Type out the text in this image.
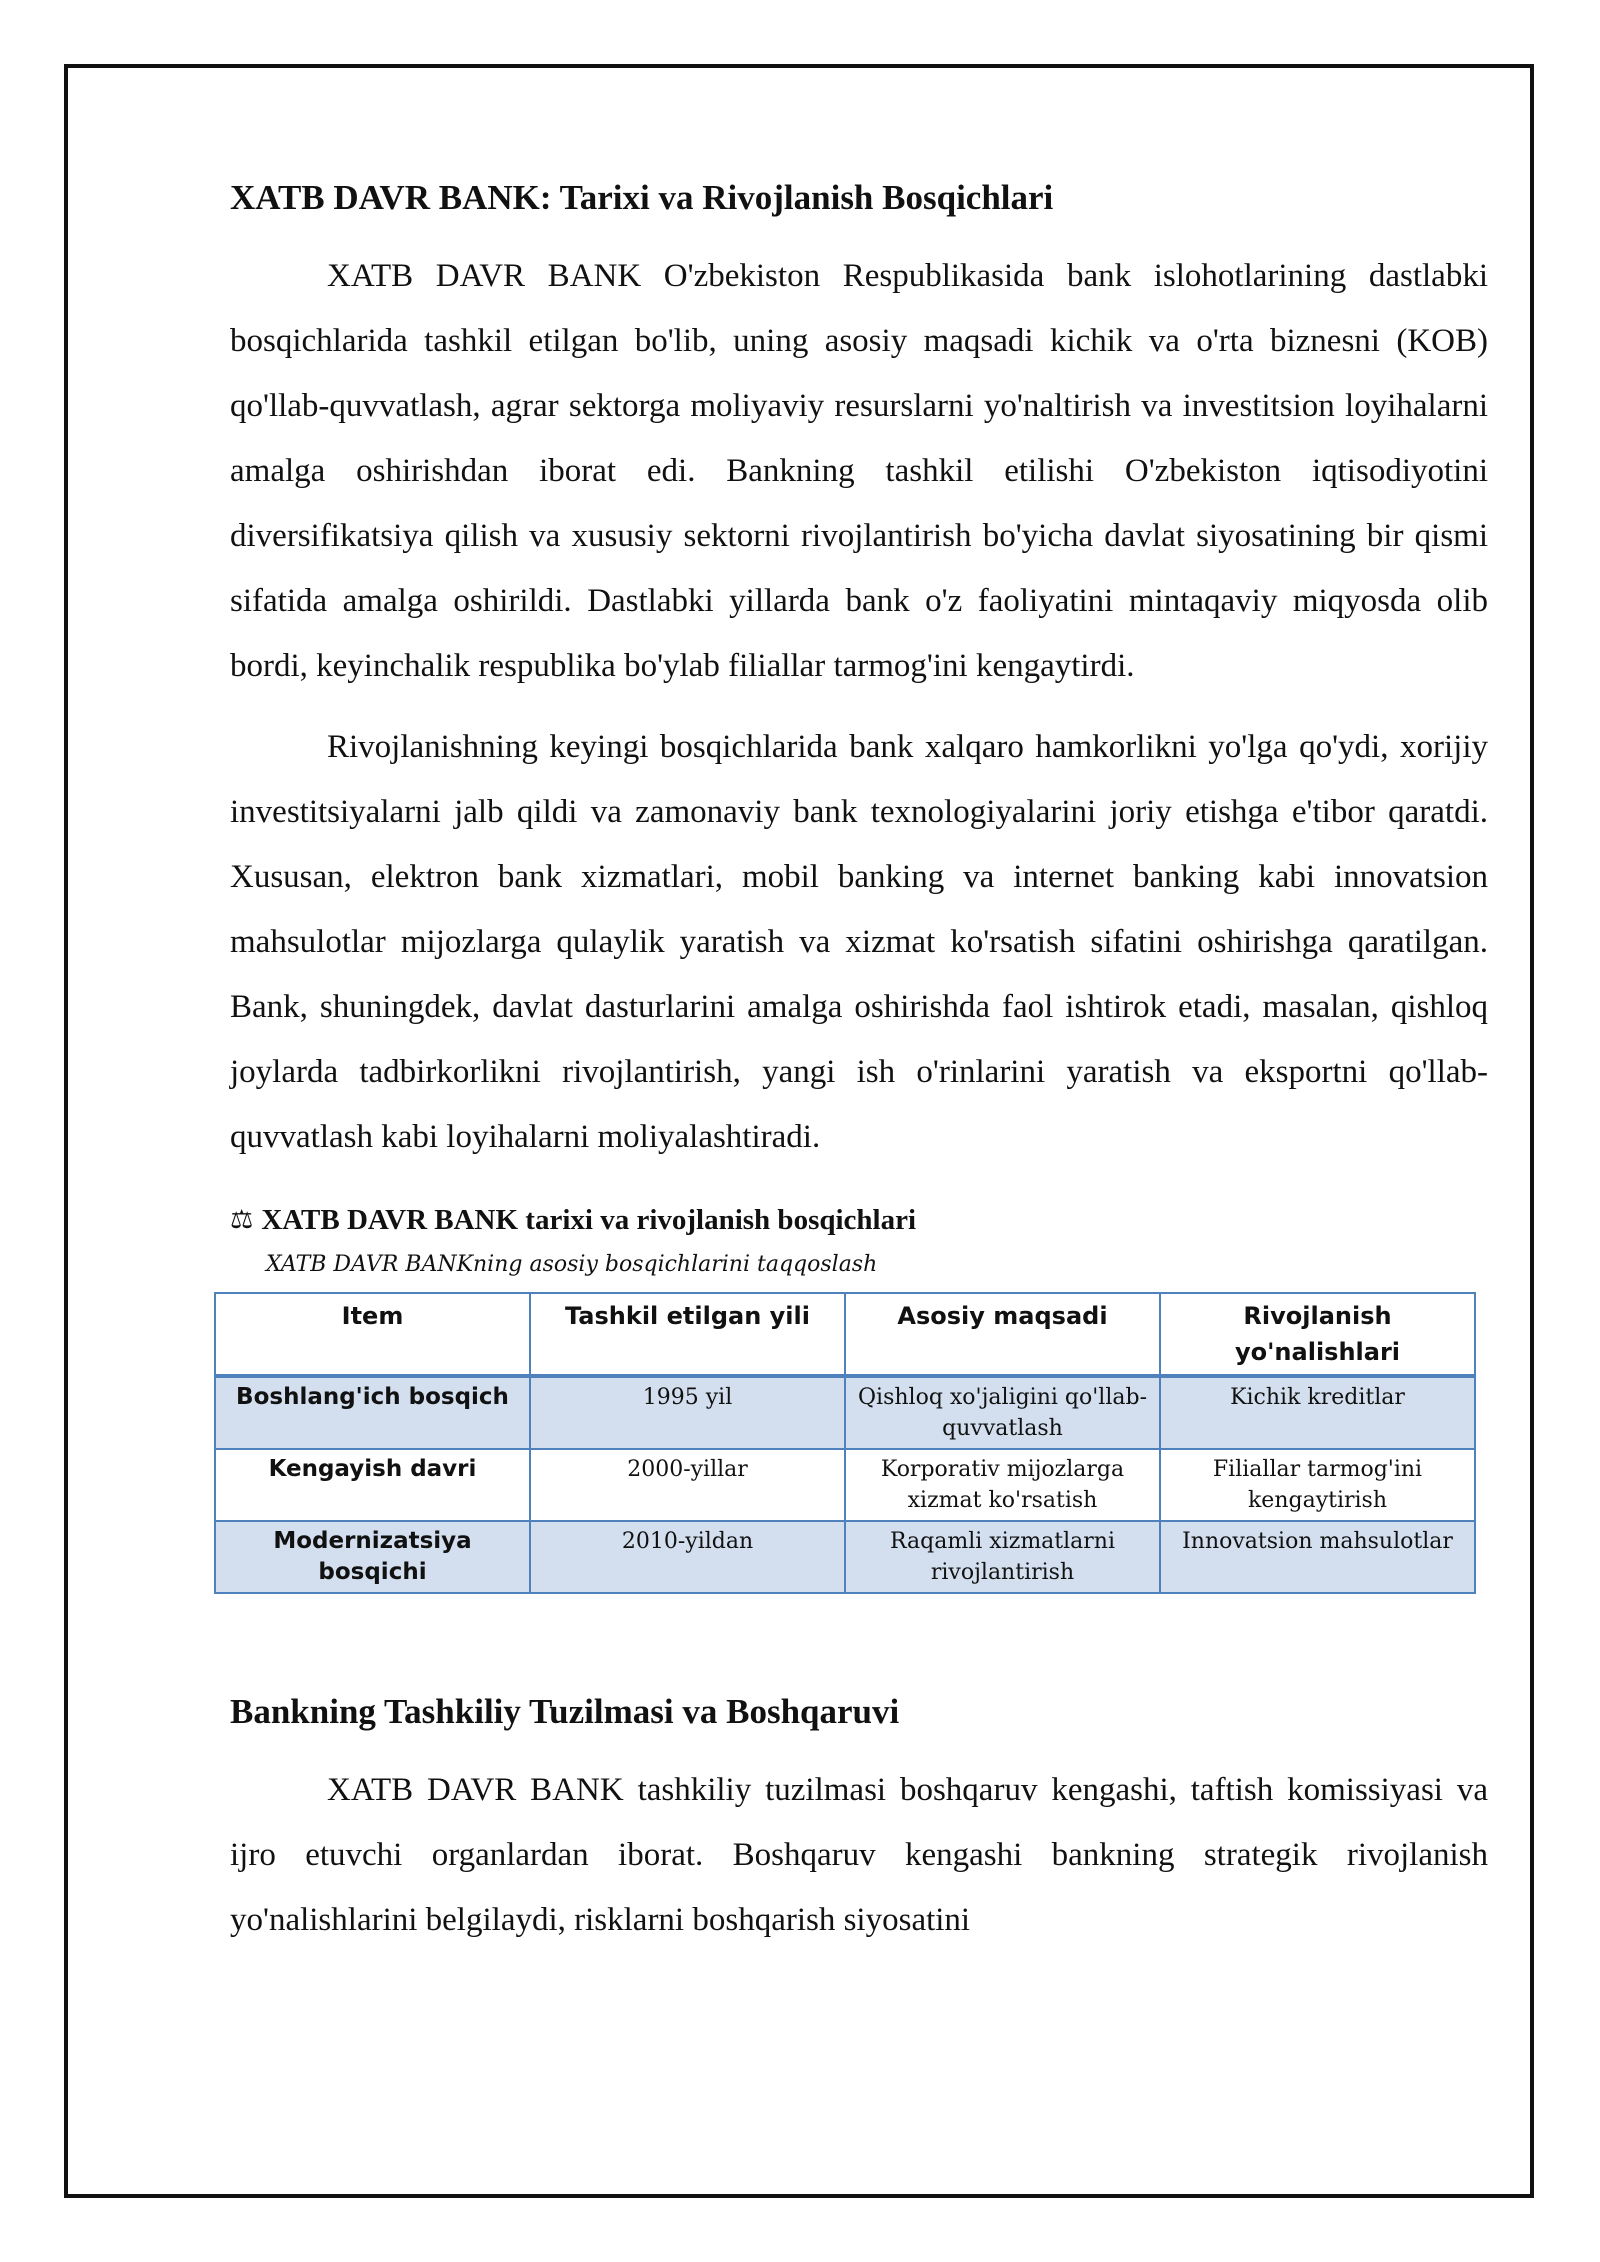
XATB DAVR BANK: Tarixi va Rivojlanish Bosqichlari

XATB DAVR BANK O'zbekiston Respublikasida bank islohotlarining dastlabki bosqichlarida tashkil etilgan bo'lib, uning asosiy maqsadi kichik va o'rta biznesni (KOB) qo'llab-quvvatlash, agrar sektorga moliyaviy resurslarni yo'naltirish va investitsion loyihalarni amalga oshirishdan iborat edi. Bankning tashkil etilishi O'zbekiston iqtisodiyotini diversifikatsiya qilish va xususiy sektorni rivojlantirish bo'yicha davlat siyosatining bir qismi sifatida amalga oshirildi. Dastlabki yillarda bank o'z faoliyatini mintaqaviy miqyosda olib bordi, keyinchalik respublika bo'ylab filiallar tarmog'ini kengaytirdi.

Rivojlanishning keyingi bosqichlarida bank xalqaro hamkorlikni yo'lga qo'ydi, xorijiy investitsiyalarni jalb qildi va zamonaviy bank texnologiyalarini joriy etishga e'tibor qaratdi. Xususan, elektron bank xizmatlari, mobil banking va internet banking kabi innovatsion mahsulotlar mijozlarga qulaylik yaratish va xizmat ko'rsatish sifatini oshirishga qaratilgan. Bank, shuningdek, davlat dasturlarini amalga oshirishda faol ishtirok etadi, masalan, qishloq joylarda tadbirkorlikni rivojlantirish, yangi ish o'rinlarini yaratish va eksportni qo'llab-quvvatlash kabi loyihalarni moliyalashtiradi.

⚖ XATB DAVR BANK tarixi va rivojlanish bosqichlari
XATB DAVR BANKning asosiy bosqichlarini taqqoslash
Item	Tashkil etilgan yili	Asosiy maqsadi	Rivojlanish yo'nalishlari
Boshlang'ich bosqich	1995 yil	Qishloq xo'jaligini qo'llab-quvvatlash	Kichik kreditlar
Kengayish davri	2000-yillar	Korporativ mijozlarga xizmat ko'rsatish	Filiallar tarmog'ini kengaytirish
Modernizatsiya bosqichi	2010-yildan	Raqamli xizmatlarni rivojlantirish	Innovatsion mahsulotlar
Bankning Tashkiliy Tuzilmasi va Boshqaruvi

XATB DAVR BANK tashkiliy tuzilmasi boshqaruv kengashi, taftish komissiyasi va ijro etuvchi organlardan iborat. Boshqaruv kengashi bankning strategik rivojlanish yo'nalishlarini belgilaydi, risklarni boshqarish siyosatini
